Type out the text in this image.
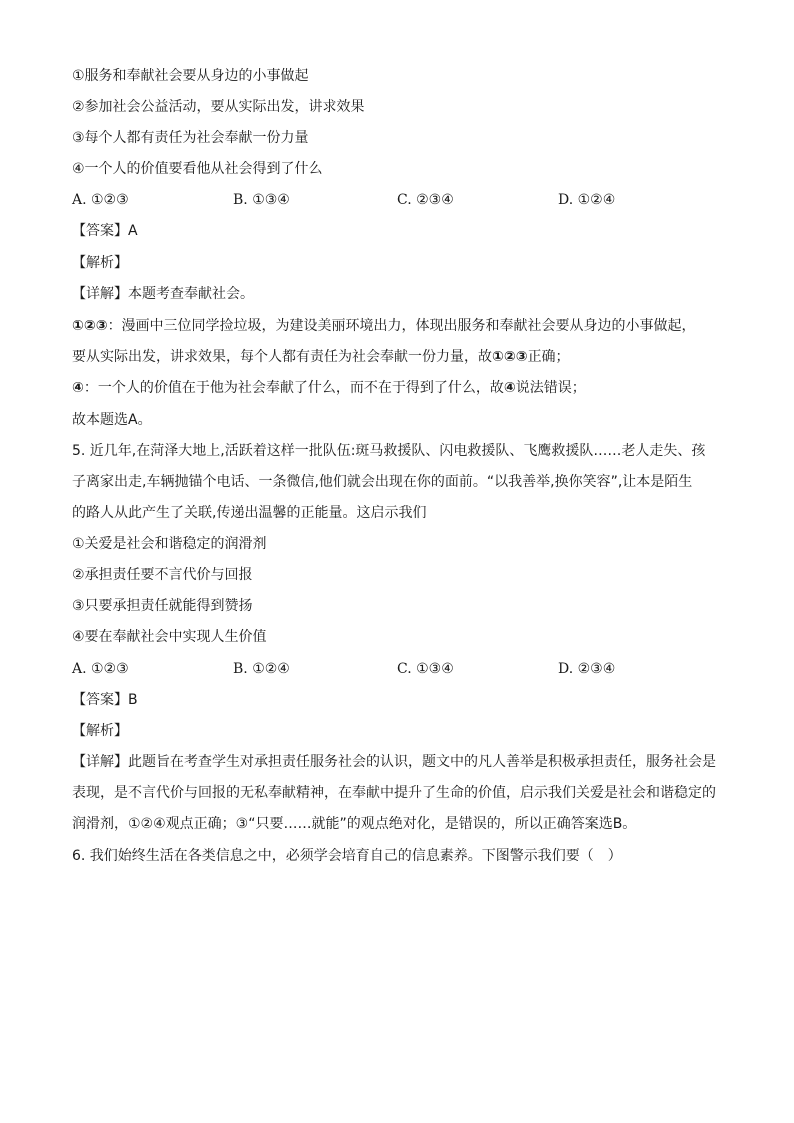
①服务和奉献社会要从身边的小事做起
②参加社会公益活动，要从实际出发，讲求效果
③每个人都有责任为社会奉献一份力量
④一个人的价值要看他从社会得到了什么
A. ①②③	B. ①③④	C. ②③④	D. ①②④
【答案】A
【解析】
【详解】本题考查奉献社会。
①②③：漫画中三位同学捡垃圾，为建设美丽环境出力，体现出服务和奉献社会要从身边的小事做起，
要从实际出发，讲求效果，每个人都有责任为社会奉献一份力量，故①②③正确；
④：一个人的价值在于他为社会奉献了什么，而不在于得到了什么，故④说法错误；
故本题选A。
5. 近几年,在菏泽大地上,活跃着这样一批队伍:斑马救援队、闪电救援队、飞鹰救援队……老人走失、孩
子离家出走,车辆抛锚个电话、一条微信,他们就会出现在你的面前。“以我善举,换你笑容”,让本是陌生
的路人从此产生了关联,传递出温馨的正能量。这启示我们
①关爱是社会和谐稳定的润滑剂
②承担责任要不言代价与回报
③只要承担责任就能得到赞扬
④要在奉献社会中实现人生价值
A. ①②③	B. ①②④	C. ①③④	D. ②③④
【答案】B
【解析】
【详解】此题旨在考查学生对承担责任服务社会的认识，题文中的凡人善举是积极承担责任，服务社会是
表现，是不言代价与回报的无私奉献精神，在奉献中提升了生命的价值，启示我们关爱是社会和谐稳定的
润滑剂，①②④观点正确；③“只要……就能”的观点绝对化，是错误的，所以正确答案选B。
6. 我们始终生活在各类信息之中，必须学会培育自己的信息素养。下图警示我们要（　）
